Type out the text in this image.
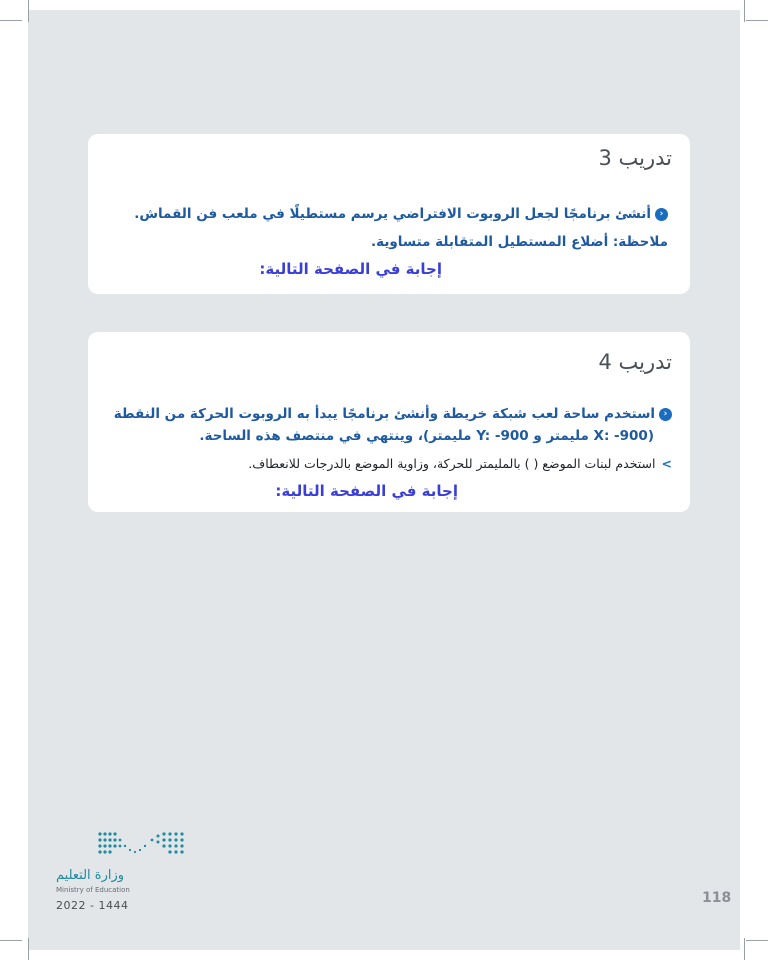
تدريب 3
‹أنشئ برنامجًا لجعل الروبوت الافتراضي يرسم مستطيلًا في ملعب فن القماش.
ملاحظة: أضلاع المستطيل المتقابلة متساوية.
إجابة في الصفحة التالية:
تدريب 4
‹استخدم ساحة لعب شبكة خريطة وأنشئ برنامجًا يبدأ به الروبوت الحركة من النقطة
(X: -900 مليمتر و Y: -900 مليمتر)، وينتهي في منتصف هذه الساحة.
>استخدم لبنات الموضع ( ) بالمليمتر للحركة، وزاوية الموضع بالدرجات للانعطاف.
إجابة في الصفحة التالية:
وزارة التعليم
Ministry of Education
2022 - 1444	118
